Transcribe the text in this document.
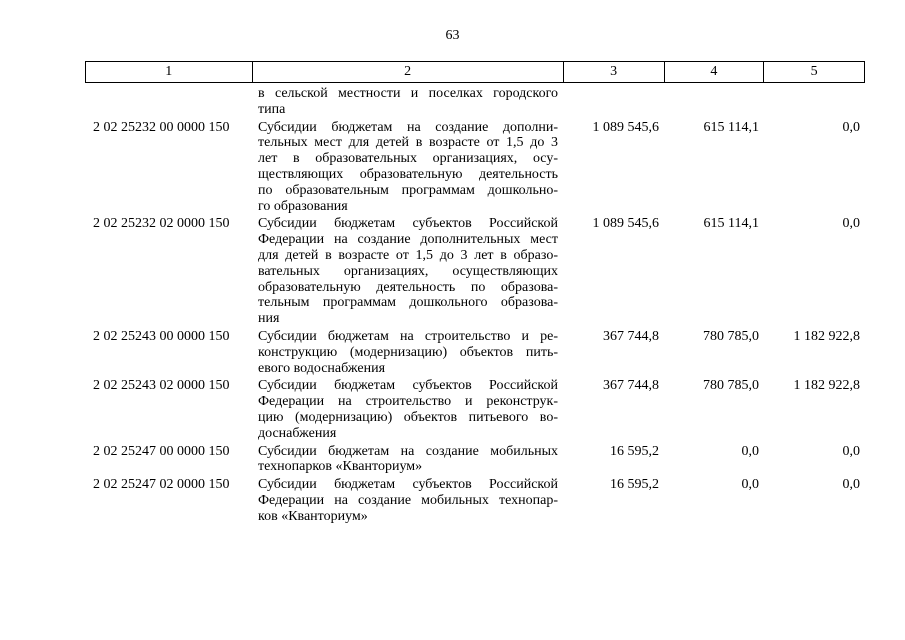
63
1	2	3	4	5
в сельской местности и поселках городского
типа
2 02 25232 00 0000 150	Субсидии бюджетам на создание дополни-
тельных мест для детей в возрасте от 1,5 до 3
лет в образовательных организациях, осу-
ществляющих образовательную деятельность
по образовательным программам дошкольно-
го образования
1 089 545,6	615 114,1	0,0
2 02 25232 02 0000 150	Субсидии бюджетам субъектов Российской
Федерации на создание дополнительных мест
для детей в возрасте от 1,5 до 3 лет в образо-
вательных организациях, осуществляющих
образовательную деятельность по образова-
тельным программам дошкольного образова-
ния
1 089 545,6	615 114,1	0,0
2 02 25243 00 0000 150	Субсидии бюджетам на строительство и ре-
конструкцию (модернизацию) объектов пить-
евого водоснабжения
367 744,8	780 785,0	1 182 922,8
2 02 25243 02 0000 150	Субсидии бюджетам субъектов Российской
Федерации на строительство и реконструк-
цию (модернизацию) объектов питьевого во-
доснабжения
367 744,8	780 785,0	1 182 922,8
2 02 25247 00 0000 150	Субсидии бюджетам на создание мобильных
технопарков «Кванториум»
16 595,2	0,0	0,0
2 02 25247 02 0000 150	Субсидии бюджетам субъектов Российской
Федерации на создание мобильных технопар-
ков «Кванториум»
16 595,2	0,0	0,0
